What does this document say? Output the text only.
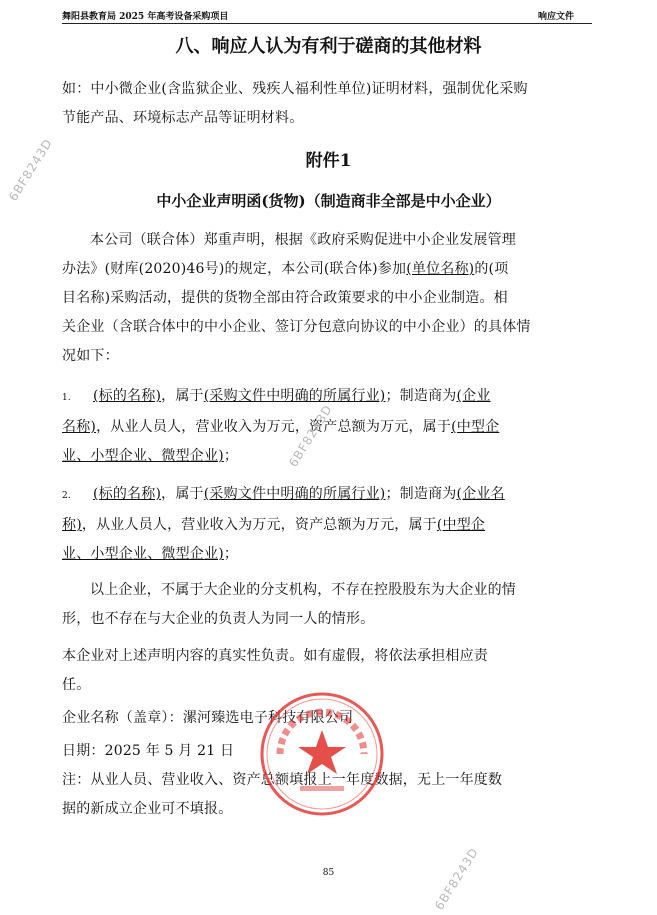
舞阳县教育局 2025 年高考设备采购项目	响应文件
八、响应人认为有利于磋商的其他材料
如：中小微企业(含监狱企业、残疾人福利性单位)证明材料，强制优化采购
节能产品、环境标志产品等证明材料。
附件1
中小企业声明函(货物)（制造商非全部是中小企业）
本公司（联合体）郑重声明，根据《政府采购促进中小企业发展管理
办法》(财库(2020)46号)的规定，本公司(联合体)参加(单位名称)的(项
目名称)采购活动，提供的货物全部由符合政策要求的中小企业制造。相
关企业（含联合体中的中小企业、签订分包意向协议的中小企业）的具体情
况如下：
1. (标的名称)，属于(采购文件中明确的所属行业)；制造商为(企业
名称)，从业人员人，营业收入为万元，资产总额为万元，属于(中型企
业、小型企业、微型企业)；
2. (标的名称)，属于(采购文件中明确的所属行业)；制造商为(企业名
称)，从业人员人，营业收入为万元，资产总额为万元，属于(中型企
业、小型企业、微型企业)；
以上企业，不属于大企业的分支机构，不存在控股股东为大企业的情
形，也不存在与大企业的负责人为同一人的情形。
本企业对上述声明内容的真实性负责。如有虚假，将依法承担相应责
任。
企业名称（盖章）：漯河臻选电子科技有限公司
日期：2025 年 5 月 21 日
注：从业人员、营业收入、资产总额填报上一年度数据，无上一年度数
据的新成立企业可不填报。
6BF8243D
6BF8243D
6BF8243D
85
